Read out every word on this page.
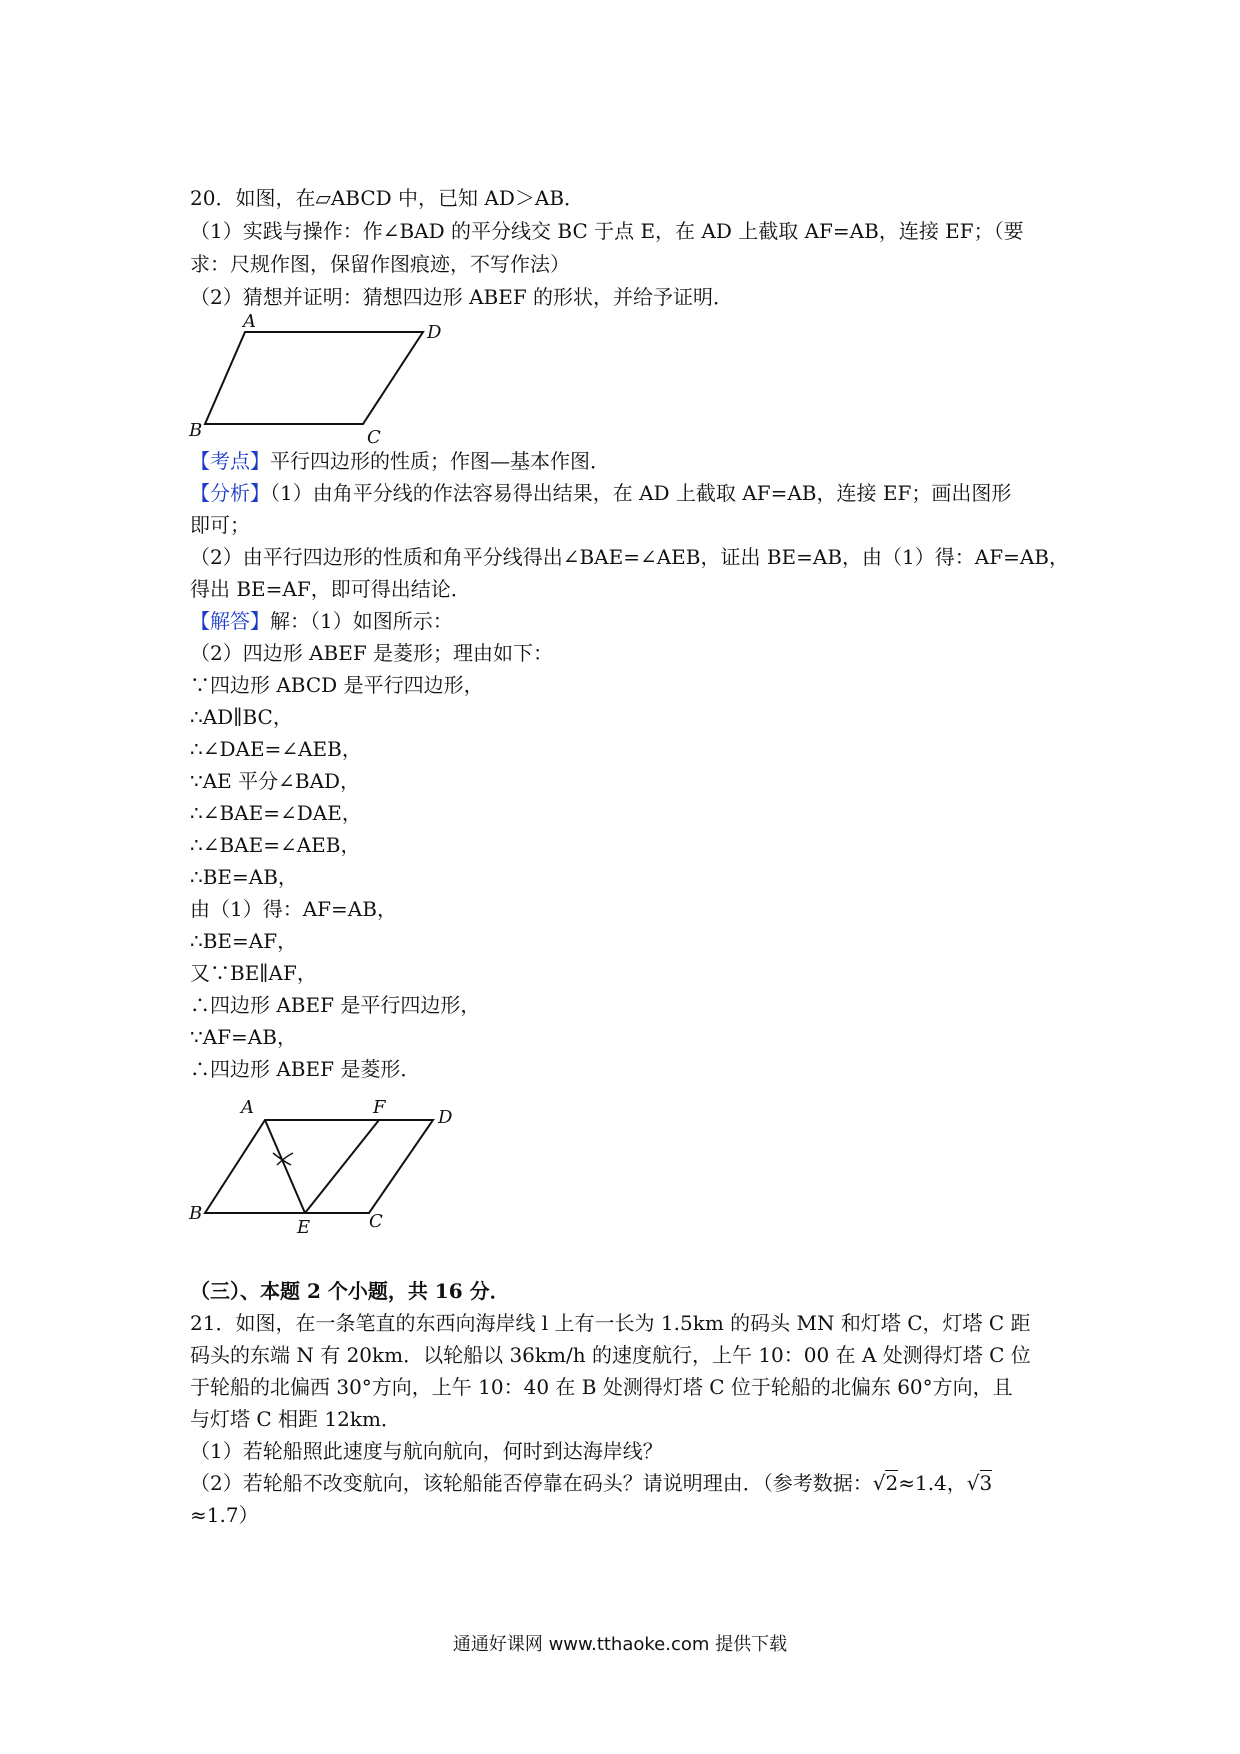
20．如图，在▱ABCD 中，已知 AD＞AB．
（1）实践与操作：作∠BAD 的平分线交 BC 于点 E，在 AD 上截取 AF=AB，连接 EF；（要
求：尺规作图，保留作图痕迹，不写作法）
（2）猜想并证明：猜想四边形 ABEF 的形状，并给予证明．
A
D
B	C
【考点】平行四边形的性质；作图—基本作图．
【分析】（1）由角平分线的作法容易得出结果，在 AD 上截取 AF=AB，连接 EF；画出图形
即可；
（2）由平行四边形的性质和角平分线得出∠BAE=∠AEB，证出 BE=AB，由（1）得：AF=AB，
得出 BE=AF，即可得出结论．
【解答】解：（1）如图所示：
（2）四边形 ABEF 是菱形；理由如下：
∵四边形 ABCD 是平行四边形，
∴AD∥BC，
∴∠DAE=∠AEB，
∵AE 平分∠BAD，
∴∠BAE=∠DAE，
∴∠BAE=∠AEB，
∴BE=AB，
由（1）得：AF=AB，
∴BE=AF，
又∵BE∥AF，
∴四边形 ABEF 是平行四边形，
∵AF=AB，
∴四边形 ABEF 是菱形．
A	F	D
B
E	C
（三）、本题 2 个小题，共 16 分．
21．如图，在一条笔直的东西向海岸线 l 上有一长为 1.5km 的码头 MN 和灯塔 C，灯塔 C 距
码头的东端 N 有 20km．以轮船以 36km/h 的速度航行，上午 10：00 在 A 处测得灯塔 C 位
于轮船的北偏西 30°方向，上午 10：40 在 B 处测得灯塔 C 位于轮船的北偏东 60°方向，且
与灯塔 C 相距 12km．
（1）若轮船照此速度与航向航向，何时到达海岸线？
（2）若轮船不改变航向，该轮船能否停靠在码头？请说明理由．（参考数据：√2≈1.4，√3
≈1.7）
通通好课网 www.tthaoke.com 提供下载
